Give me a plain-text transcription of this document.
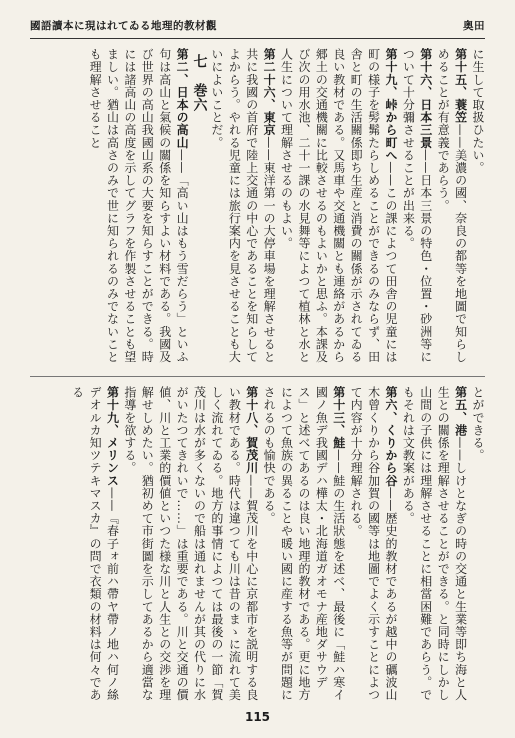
國語讀本に現はれてゐる地理的教材觀	奥田

に生して取扱ひたい。

第十五、蓑笠——美濃の國、奈良の都等を地圖で知らしめることが有意義であらう。

第十六、日本三景——日本三景の特色・位置・砂洲等について十分彌させることが出来る。

第十九、峠から町へ——この課によつて田舎の児童には町の様子を髣髴たらしめることができるのみならず、田舎と町の生活關係即ち生産と消費の關係が示されてゐる良い教材である。又馬車や交通機關とも連絡があるから郷土の交通機關に比較させるのもよいかと思ふ。本課及び次の用水池、二十一課の水見舞等によつて植林と水と人生について理解させるのもよい。

第二十六、東京——東洋第一の大停車場を理解させると共に我國の首府で陸上交通の中心であることを知らしてよからう。やれる児童には旅行案内を見させることも大いによいことだ。

七　巻六

第二、日本の高山——「高い山はもう雪だらう」といふ句は高山と氣候の關係を知らすよい材料である。我國及び世界の高山我國山系の大要を知らすことができる。時には諸高山の高度を示してグラフを作製させることも望ましい。猶山は高さのみで世に知られるのみでないことも理解させること

とができる。

第五、港——しけとなぎの時の交通と生業等即ち海と人生との關係を理解させることができる。と同時にしかし山間の子供には理解させることに相當困難であらう。でもそれは文教案がある。

第六、くりから谷——歴史的教材であるが越中の礪波山木曾くりから谷加賀の國等は地圖でよく示すことによつて内容が十分理解される。

第十三、鮭——鮭の生活狀態を述べ、最後に「鮭ハ寒イ國ノ魚デ我國デハ樺太・北海道ガオモナ産地ダサウデス」と述べてあるのは良い地理的教材である。更に地方によつて魚族の異ることや暖い國に産する魚等が問題にされるのも愉快である。

第十八、賀茂川——賀茂川を中心に京都市を説明する良い教材である。時代は違つても川は昔のまゝに流れて美しく流れてゐる。地方的事情によつては最後の一節「賀茂川は水が多くないので船は通れませんが其の代りに水がいたつてきれいで……」は重要である。川と交通の價値、川と工業的價値といつた様な川と人生との交渉を理解せしめたい。猶初めて市街圖を示してあるから適當な指導を欲する。

第十九、メリンス——『春子ォ前ハ帶ヤ帶ノ地ハ何ノ絲デオルカ知ツテキマスカ』の問で衣類の材料は何々である

115
